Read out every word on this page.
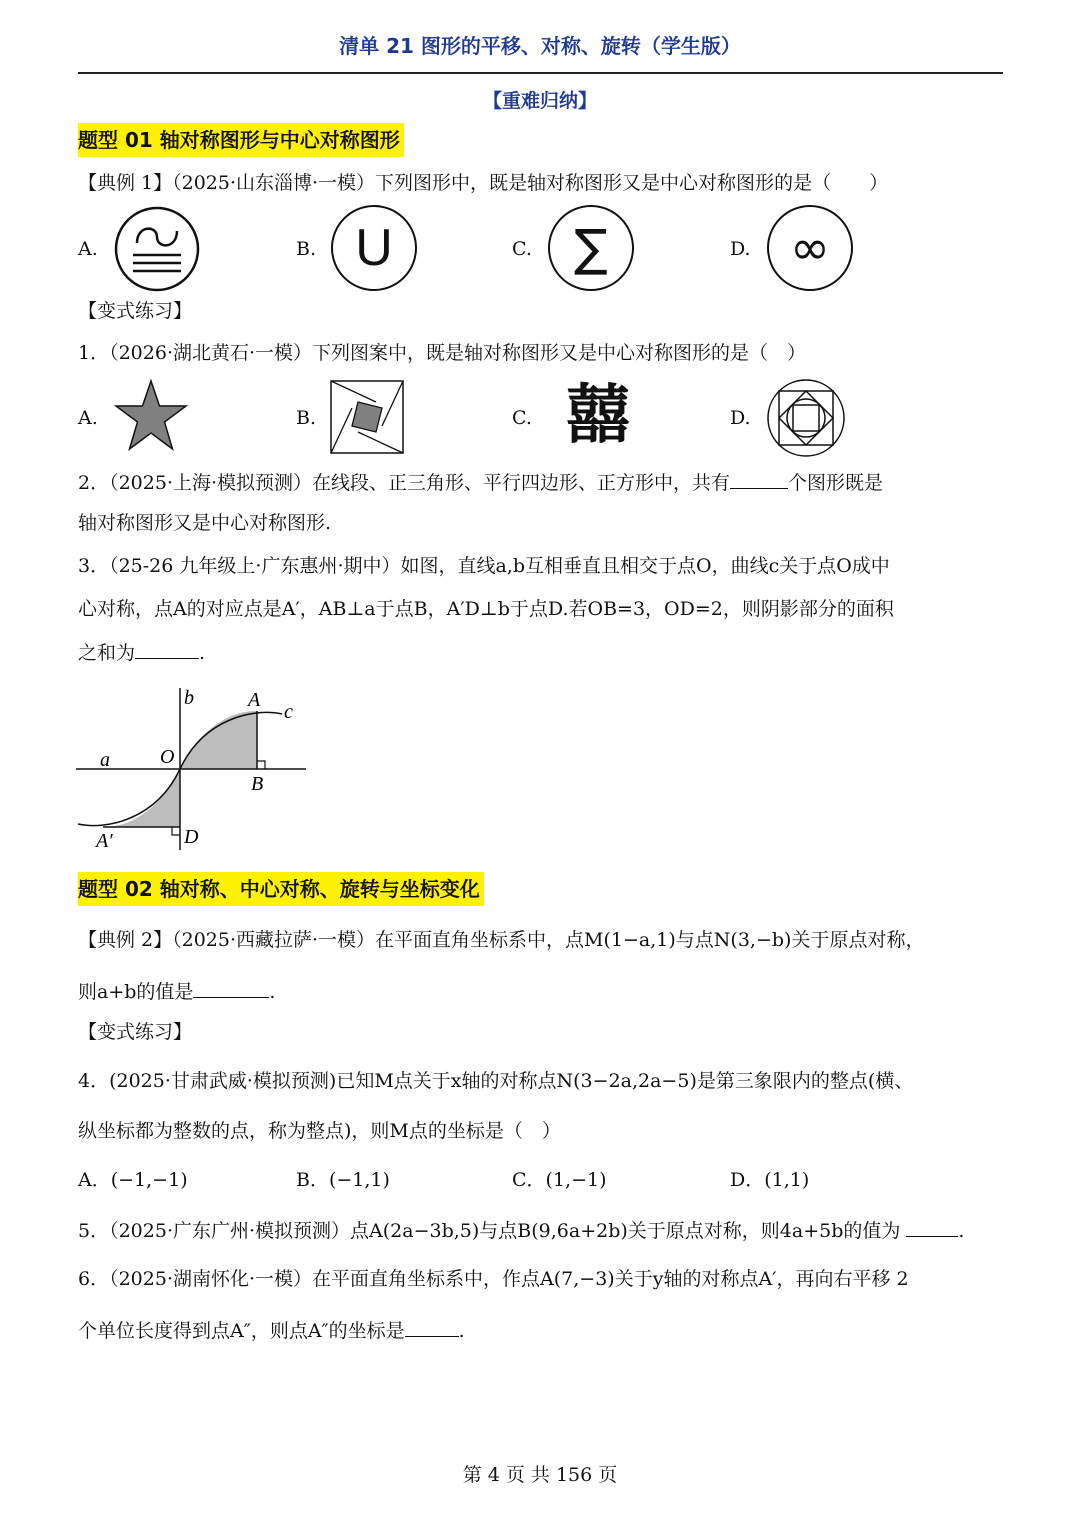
清单 21 图形的平移、对称、旋转（学生版）
【重难归纳】
题型 01 轴对称图形与中心对称图形
【典例 1】（2025·山东淄博·一模）下列图形中，既是轴对称图形又是中心对称图形的是（　　）
A.	B. U	C. ∑	D. ∞
【变式练习】
1．（2026·湖北黄石·一模）下列图案中，既是轴对称图形又是中心对称图形的是（　）
A.	B.	C. 囍	D.
2．（2025·上海·模拟预测）在线段、正三角形、平行四边形、正方形中，共有	个图形既是
轴对称图形又是中心对称图形.
3．（25-26 九年级上·广东惠州·期中）如图，直线a,b互相垂直且相交于点O，曲线c关于点O成中
心对称，点A的对应点是A′，AB⊥a于点B，A′D⊥b于点D.若OB=3，OD=2，则阴影部分的面积
之和为	.
b	A
c
a	O
B
A′	D
题型 02 轴对称、中心对称、旋转与坐标变化
【典例 2】（2025·西藏拉萨·一模）在平面直角坐标系中，点M(1−a,1)与点N(3,−b)关于原点对称，
则a+b的值是	.
【变式练习】
4．(2025·甘肃武威·模拟预测)已知M点关于x轴的对称点N(3−2a,2a−5)是第三象限内的整点(横、
纵坐标都为整数的点，称为整点)，则M点的坐标是（　）
A．(−1,−1)	B．(−1,1)	C．(1,−1)	D．(1,1)
5．（2025·广东广州·模拟预测）点A(2a−3b,5)与点B(9,6a+2b)关于原点对称，则4a+5b的值为	.
6．（2025·湖南怀化·一模）在平面直角坐标系中，作点A(7,−3)关于y轴的对称点A′，再向右平移 2
个单位长度得到点A″，则点A″的坐标是	.
第 4 页 共 156 页
